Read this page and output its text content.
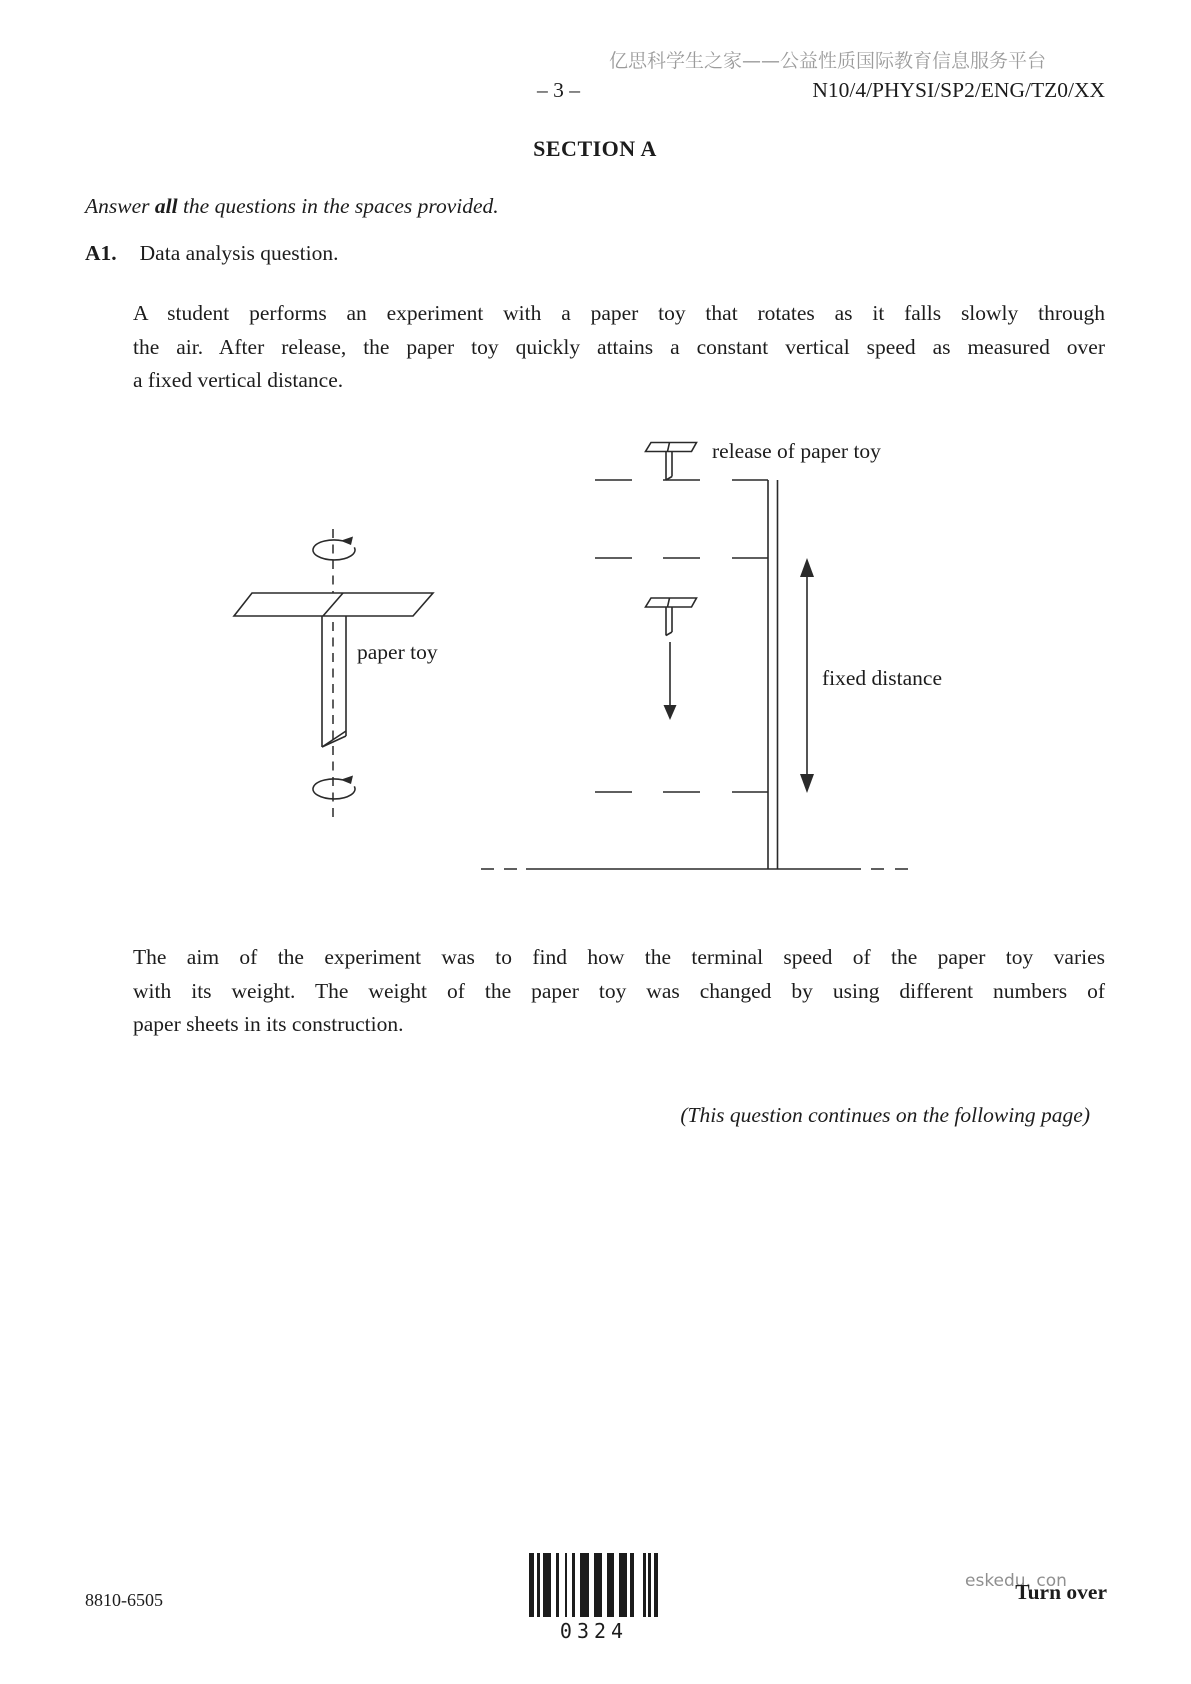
亿思科学生之家——公益性质国际教育信息服务平台
– 3 –	N10/4/PHYSI/SP2/ENG/TZ0/XX
SECTION A
Answer all the questions in the spaces provided.
A1. Data analysis question.
A student performs an experiment with a paper toy that rotates as it falls slowly through
the air. After release, the paper toy quickly attains a constant vertical speed as measured over
a fixed vertical distance.
paper toy
release of paper toy
fixed distance
The aim of the experiment was to find how the terminal speed of the paper toy varies
with its weight. The weight of the paper toy was changed by using different numbers of
paper sheets in its construction.
(This question continues on the following page)
8810-6505
0324
eskedu. con
Turn over
